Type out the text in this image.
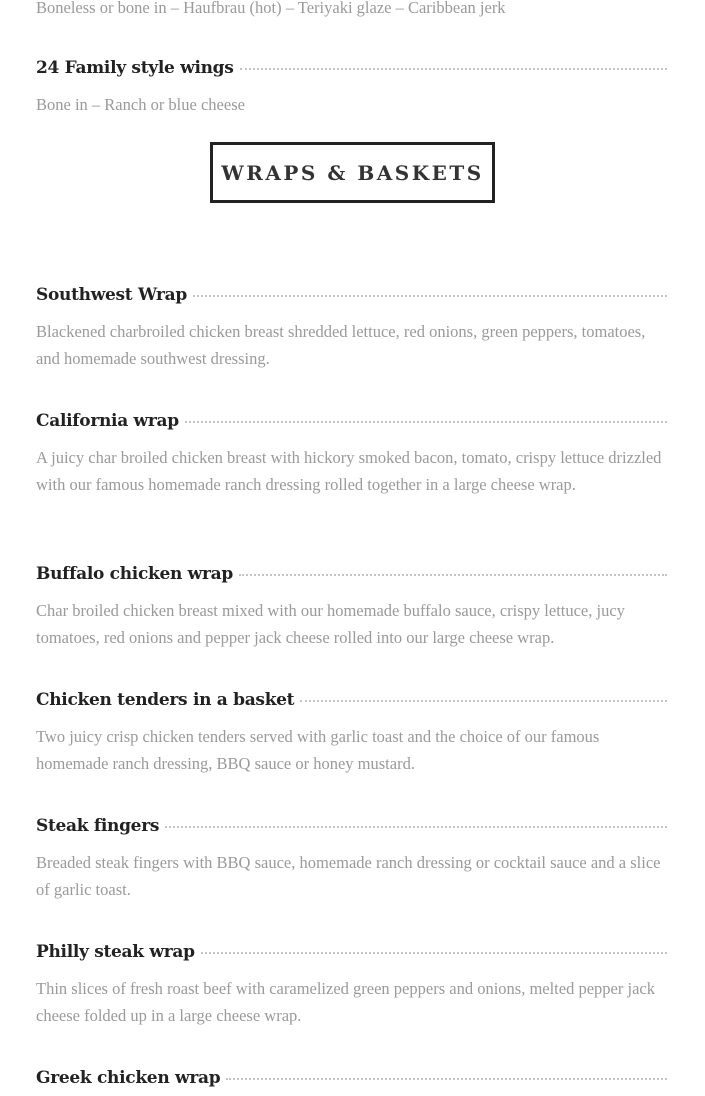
Boneless or bone in – Haufbrau (hot) – Teriyaki glaze – Caribbean jerk

24 Family style wings

Bone in – Ranch or blue cheese

WRAPS & BASKETS
Southwest Wrap

Blackened charbroiled chicken breast shredded lettuce, red onions, green peppers, tomatoes, and homemade southwest dressing.

California wrap

A juicy char broiled chicken breast with hickory smoked bacon, tomato, crispy lettuce drizzled with our famous homemade ranch dressing rolled together in a large cheese wrap.

Buffalo chicken wrap

Char broiled chicken breast mixed with our homemade buffalo sauce, crispy lettuce, jucy tomatoes, red onions and pepper jack cheese rolled into our large cheese wrap.

Chicken tenders in a basket

Two juicy crisp chicken tenders served with garlic toast and the choice of our famous homemade ranch dressing, BBQ sauce or honey mustard.

Steak fingers

Breaded steak fingers with BBQ sauce, homemade ranch dressing or cocktail sauce and a slice of garlic toast.

Philly steak wrap

Thin slices of fresh roast beef with caramelized green peppers and onions, melted pepper jack cheese folded up in a large cheese wrap.

Greek chicken wrap
